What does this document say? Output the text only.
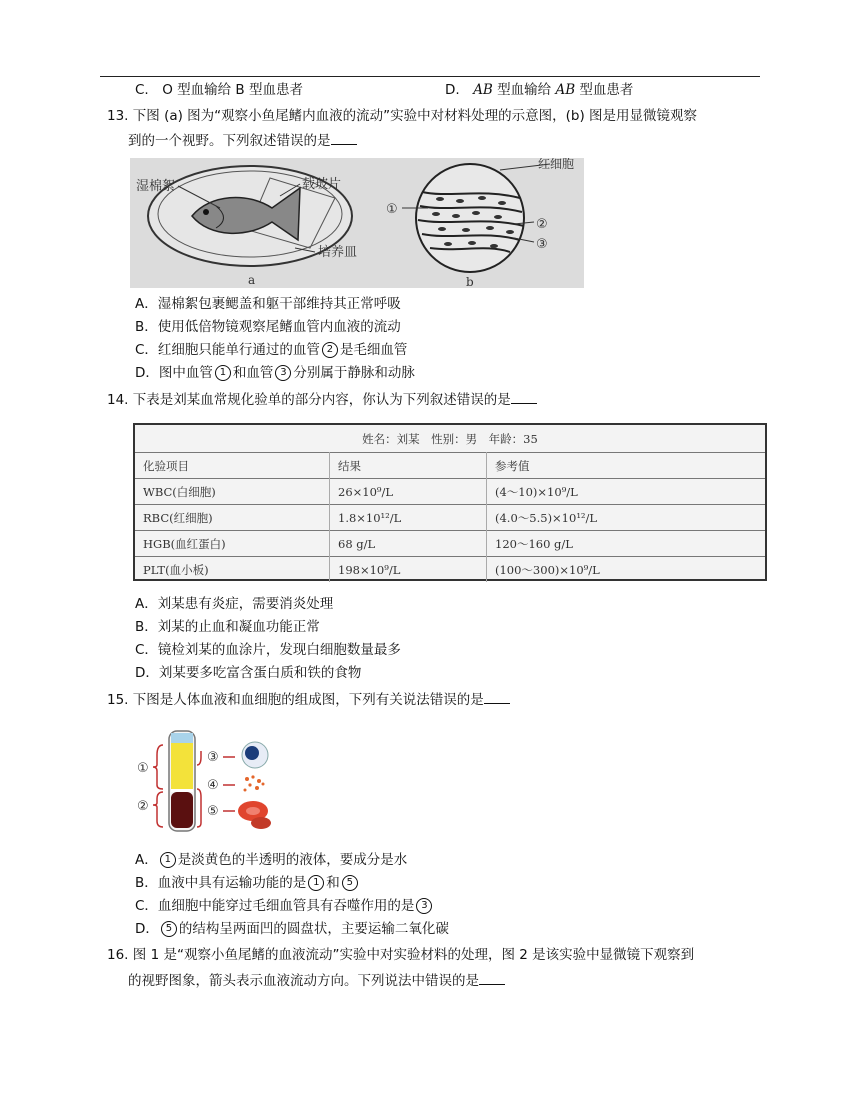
C.　O 型血输给 B 型血患者	D.　AB 型血输给 AB 型血患者
13. 下图 (a) 图为“观察小鱼尾鳍内血液的流动”实验中对材料处理的示意图，(b) 图是用显微镜观察
到的一个视野。下列叙述错误的是
湿棉絮	载玻片
培养皿
a
红细胞
①
②
③
b
A．湿棉絮包裹鳃盖和躯干部维持其正常呼吸
B．使用低倍物镜观察尾鳍血管内血液的流动
C．红细胞只能单行通过的血管 2 是毛细血管
D．图中血管 1 和血管 3 分别属于静脉和动脉
14. 下表是刘某血常规化验单的部分内容，你认为下列叙述错误的是
姓名：刘某　性别：男　年龄：35		
化验项目	结果	参考值
WBC(白细胞)	26×10⁹/L	(4～10)×10⁹/L
RBC(红细胞)	1.8×10¹²/L	(4.0～5.5)×10¹²/L
HGB(血红蛋白)	68 g/L	120～160 g/L
PLT(血小板)	198×10⁹/L	(100～300)×10⁹/L
A．刘某患有炎症，需要消炎处理
B．刘某的止血和凝血功能正常
C．镜检刘某的血涂片，发现白细胞数量最多
D．刘某要多吃富含蛋白质和铁的食物
15. 下图是人体血液和血细胞的组成图，下列有关说法错误的是
①
②
③
④
⑤
A． 1 是淡黄色的半透明的液体，要成分是水
B．血液中具有运输功能的是 1 和 5
C．血细胞中能穿过毛细血管具有吞噬作用的是 3
D． 5 的结构呈两面凹的圆盘状，主要运输二氧化碳
16. 图 1 是“观察小鱼尾鳍的血液流动”实验中对实验材料的处理，图 2 是该实验中显微镜下观察到
的视野图象，箭头表示血液流动方向。下列说法中错误的是
